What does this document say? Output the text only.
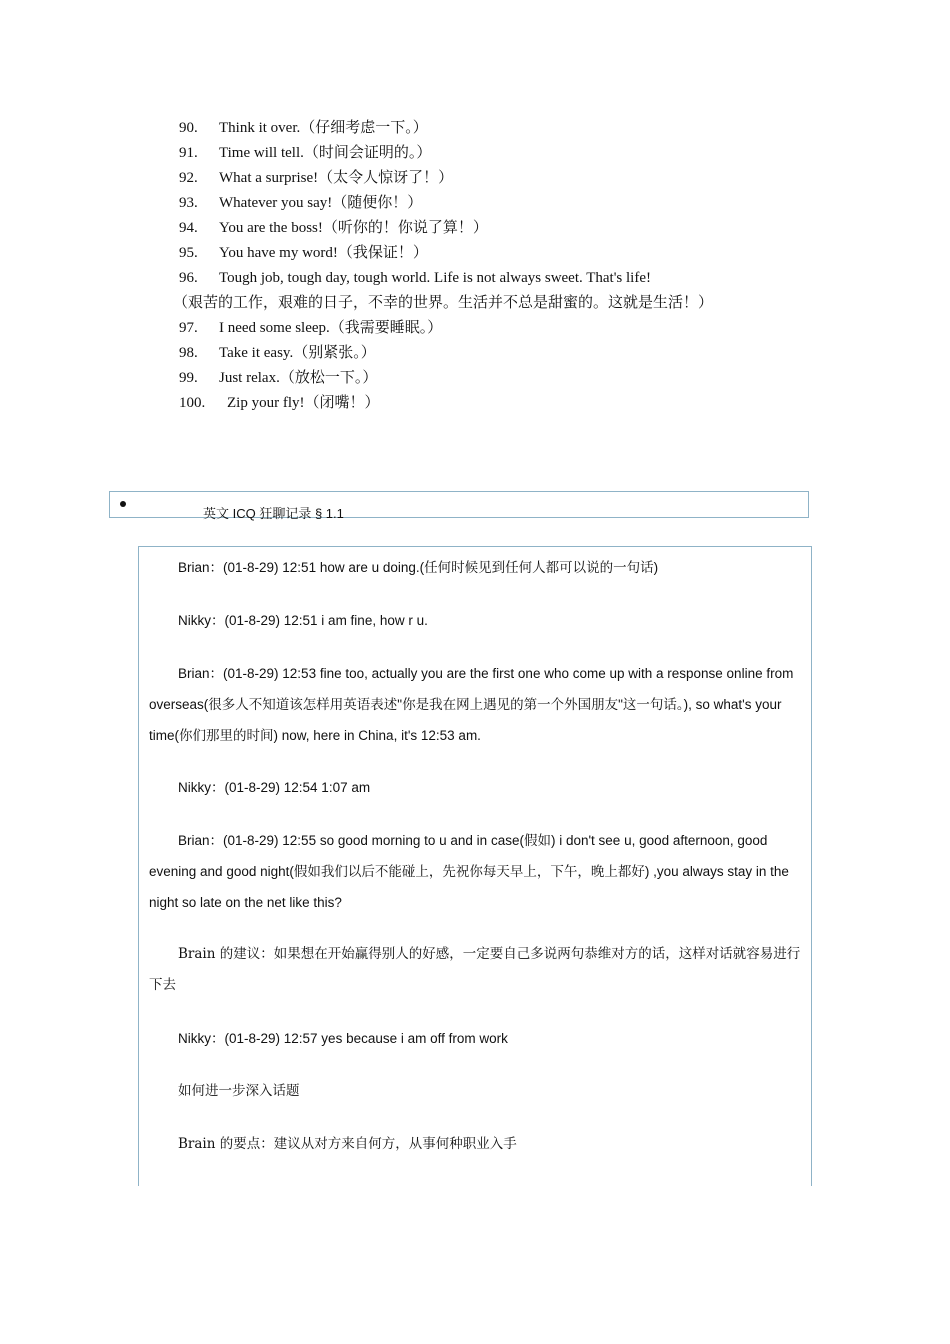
90. Think it over.（仔细考虑一下。）
91. Time will tell.（时间会证明的。）
92. What a surprise!（太令人惊讶了！）
93. Whatever you say!（随便你！）
94. You are the boss!（听你的！你说了算！）
95. You have my word!（我保证！）
96. Tough job, tough day, tough world. Life is not always sweet. That's life!
（艰苦的工作，艰难的日子，不幸的世界。生活并不总是甜蜜的。这就是生活！）
97. I need some sleep.（我需要睡眠。）
98. Take it easy.（别紧张。）
99. Just relax.（放松一下。）
100. Zip your fly!（闭嘴！）
英文 ICQ 狂聊记录 § 1.1
Brian：(01-8-29) 12:51 how are u doing.(任何时候见到任何人都可以说的一句话)
Nikky：(01-8-29) 12:51 i am fine, how r u.
Brian：(01-8-29) 12:53 fine too, actually you are the first one who come up with a response online from overseas(很多人不知道该怎样用英语表述"你是我在网上遇见的第一个外国朋友"这一句话。), so what's your time(你们那里的时间) now, here in China, it's 12:53 am.
Nikky：(01-8-29) 12:54 1:07 am
Brian：(01-8-29) 12:55 so good morning to u and in case(假如) i don't see u, good afternoon, good evening and good night(假如我们以后不能碰上，先祝你每天早上，下午，晚上都好) ,you always stay in the night so late on the net like this?
Brain 的建议：如果想在开始赢得别人的好感，一定要自己多说两句恭维对方的话，这样对话就容易进行下去
Nikky：(01-8-29) 12:57 yes because i am off from work
如何进一步深入话题
Brain 的要点：建议从对方来自何方，从事何种职业入手
